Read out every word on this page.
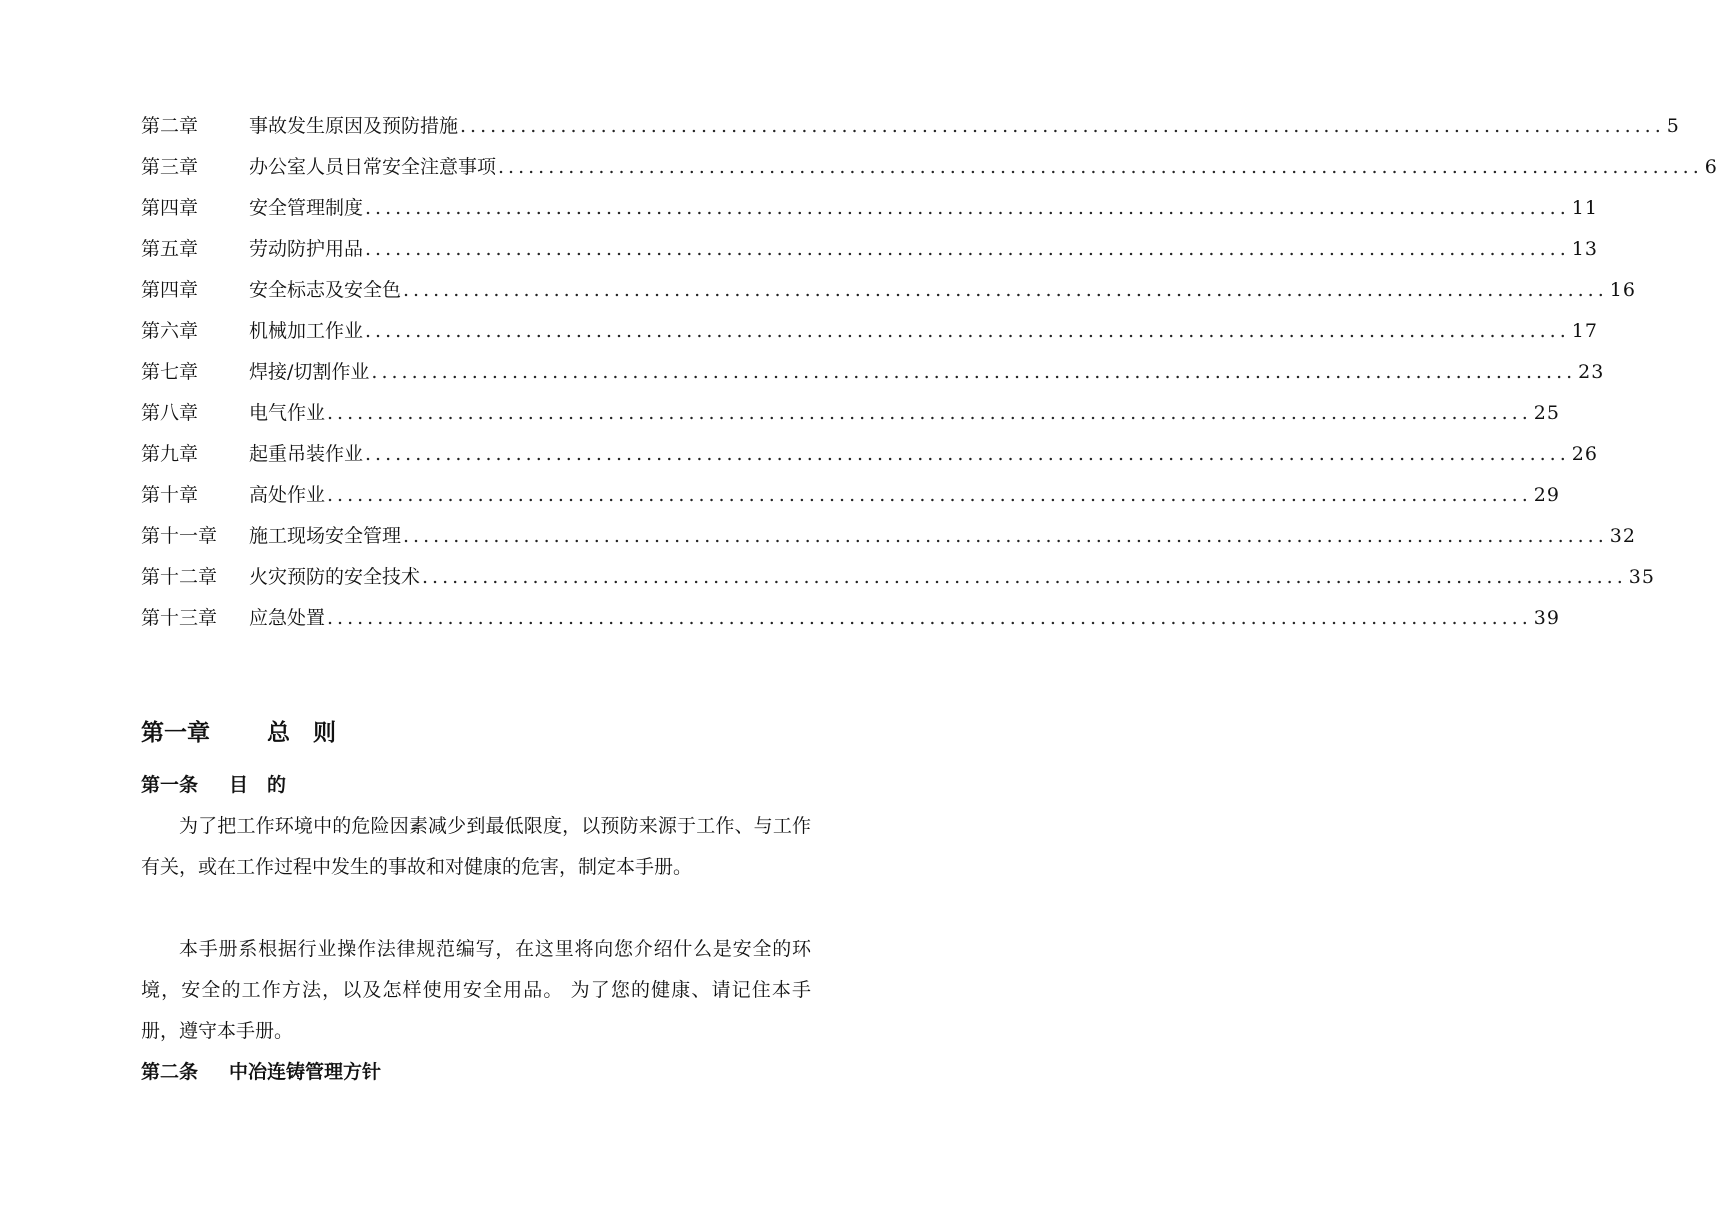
第二章	事故发生原因及预防措施 ........................................................................................................................ 5
第三章	办公室人员日常安全注意事项 ........................................................................................................................ 6
第四章	安全管理制度 ........................................................................................................................ 11
第五章	劳动防护用品 ........................................................................................................................ 13
第四章	安全标志及安全色 ........................................................................................................................ 16
第六章	机械加工作业 ........................................................................................................................ 17
第七章	焊接/切割作业 ........................................................................................................................ 23
第八章	电气作业 ........................................................................................................................ 25
第九章	起重吊装作业 ........................................................................................................................ 26
第十章	高处作业 ........................................................................................................................ 29
第十一章	施工现场安全管理 ........................................................................................................................ 32
第十二章	火灾预防的安全技术 ........................................................................................................................ 35
第十三章	应急处置 ........................................................................................................................ 39
第一章 总　则
第一条 目　的

为了把工作环境中的危险因素减少到最低限度，以预防来源于工作、与工作有关，或在工作过程中发生的事故和对健康的危害，制定本手册。

本手册系根据行业操作法律规范编写，在这里将向您介绍什么是安全的环境，安全的工作方法，以及怎样使用安全用品。 为了您的健康、请记住本手册，遵守本手册。

第二条 中冶连铸管理方针
